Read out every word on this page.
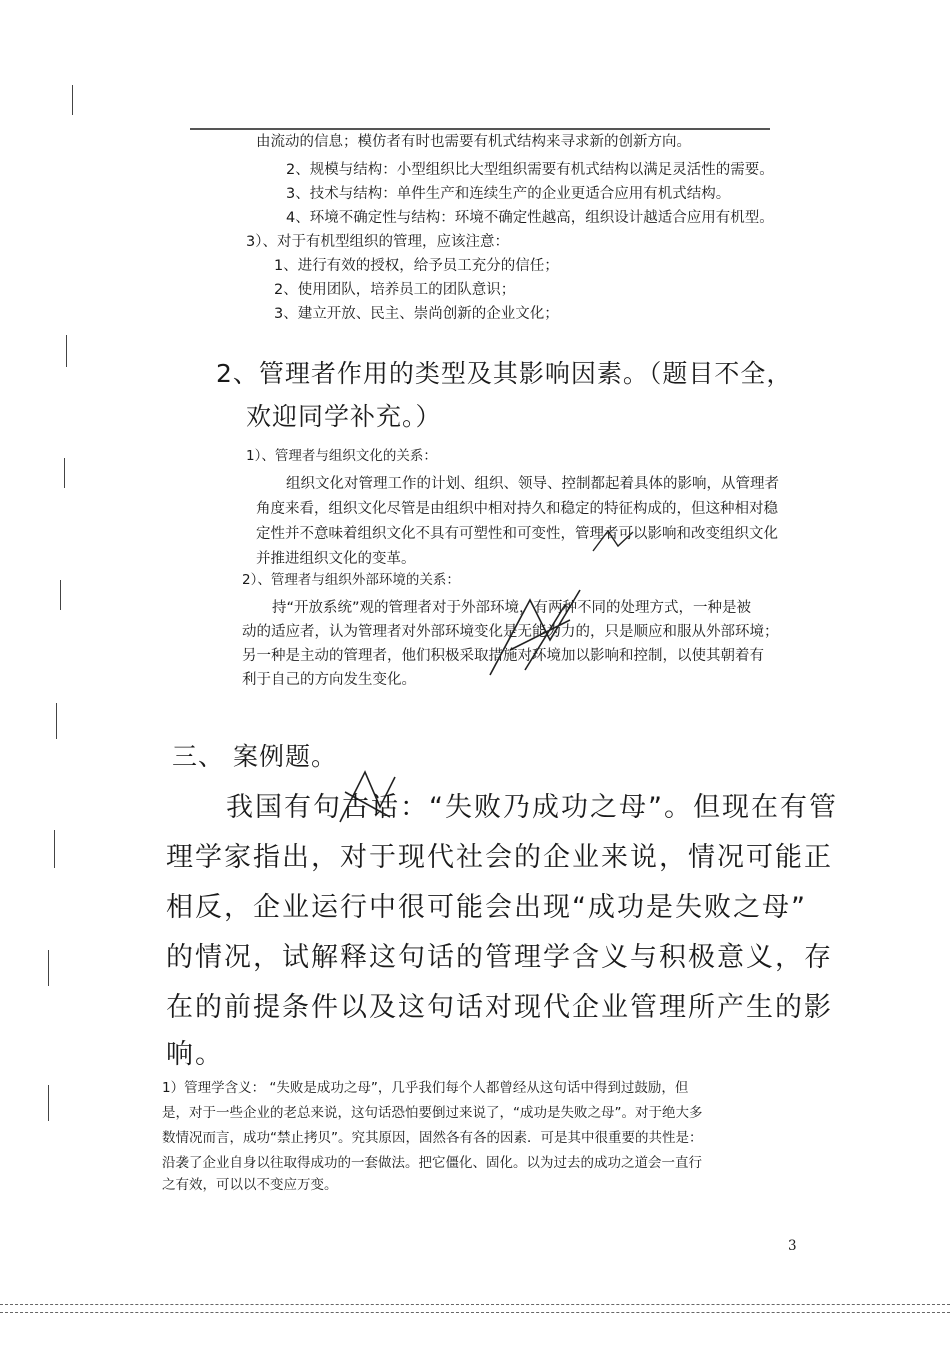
由流动的信息；模仿者有时也需要有机式结构来寻求新的创新方向。
2、规模与结构：小型组织比大型组织需要有机式结构以满足灵活性的需要。
3、技术与结构：单件生产和连续生产的企业更适合应用有机式结构。
4、环境不确定性与结构：环境不确定性越高，组织设计越适合应用有机型。
3）、对于有机型组织的管理，应该注意：
1、进行有效的授权，给予员工充分的信任；
2、使用团队，培养员工的团队意识；
3、建立开放、民主、崇尚创新的企业文化；
2、管理者作用的类型及其影响因素。（题目不全，
欢迎同学补充。）
1）、管理者与组织文化的关系：
组织文化对管理工作的计划、组织、领导、控制都起着具体的影响，从管理者
角度来看，组织文化尽管是由组织中相对持久和稳定的特征构成的，但这种相对稳
定性并不意味着组织文化不具有可塑性和可变性，管理者可以影响和改变组织文化
并推进组织文化的变革。
2）、管理者与组织外部环境的关系：
持“开放系统”观的管理者对于外部环境，有两种不同的处理方式，一种是被
动的适应者，认为管理者对外部环境变化是无能为力的，只是顺应和服从外部环境；
另一种是主动的管理者，他们积极采取措施对环境加以影响和控制，以使其朝着有
利于自己的方向发生变化。
三、 案例题。
我国有句古话：“失败乃成功之母”。但现在有管
理学家指出，对于现代社会的企业来说，情况可能正
相反，企业运行中很可能会出现“成功是失败之母”
的情况，试解释这句话的管理学含义与积极意义，存
在的前提条件以及这句话对现代企业管理所产生的影
响。
1）管理学含义： “失败是成功之母”，几乎我们每个人都曾经从这句话中得到过鼓励，但
是，对于一些企业的老总来说，这句话恐怕要倒过来说了，“成功是失败之母”。对于绝大多
数情况而言，成功“禁止拷贝”。究其原因，固然各有各的因素．可是其中很重要的共性是：
沿袭了企业自身以往取得成功的一套做法。把它僵化、固化。以为过去的成功之道会一直行
之有效，可以以不变应万变。
3
